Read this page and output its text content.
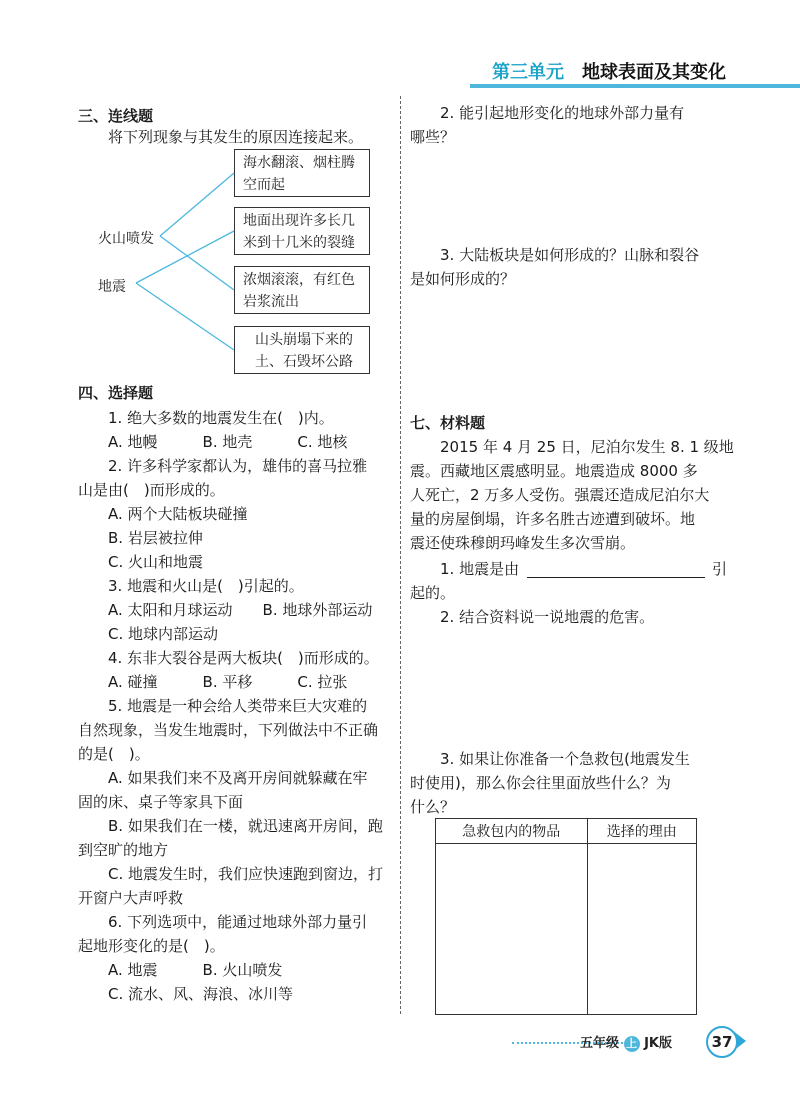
第三单元 地球表面及其变化
三、连线题
将下列现象与其发生的原因连接起来。
火山喷发
地震
海水翻滚、烟柱腾
空而起
地面出现许多长几
米到十几米的裂缝
浓烟滚滚，有红色
岩浆流出
山头崩塌下来的
土、石毁坏公路
四、选择题
1. 绝大多数的地震发生在(　)内。
A. 地幔　　　B. 地壳　　　C. 地核
2. 许多科学家都认为，雄伟的喜马拉雅
山是由(　)而形成的。
A. 两个大陆板块碰撞
B. 岩层被拉伸
C. 火山和地震
3. 地震和火山是(　)引起的。
A. 太阳和月球运动　　B. 地球外部运动
C. 地球内部运动
4. 东非大裂谷是两大板块(　)而形成的。
A. 碰撞　　　B. 平移　　　C. 拉张
5. 地震是一种会给人类带来巨大灾难的
自然现象，当发生地震时，下列做法中不正确
的是(　)。
A. 如果我们来不及离开房间就躲藏在牢
固的床、桌子等家具下面
B. 如果我们在一楼，就迅速离开房间，跑
到空旷的地方
C. 地震发生时，我们应快速跑到窗边，打
开窗户大声呼救
6. 下列选项中，能通过地球外部力量引
起地形变化的是(　)。
A. 地震　　　B. 火山喷发
C. 流水、风、海浪、冰川等
2. 能引起地形变化的地球外部力量有
哪些？
3. 大陆板块是如何形成的？山脉和裂谷
是如何形成的？
七、材料题
2015 年 4 月 25 日，尼泊尔发生 8. 1 级地
震。西藏地区震感明显。地震造成 8000 多
人死亡，2 万多人受伤。强震还造成尼泊尔大
量的房屋倒塌，许多名胜古迹遭到破坏。地
震还使珠穆朗玛峰发生多次雪崩。
1. 地震是由	引
起的。
2. 结合资料说一说地震的危害。
3. 如果让你准备一个急救包(地震发生
时使用)，那么你会往里面放些什么？为
什么？
急救包内的物品	选择的理由

五年级 上 JK版	37
